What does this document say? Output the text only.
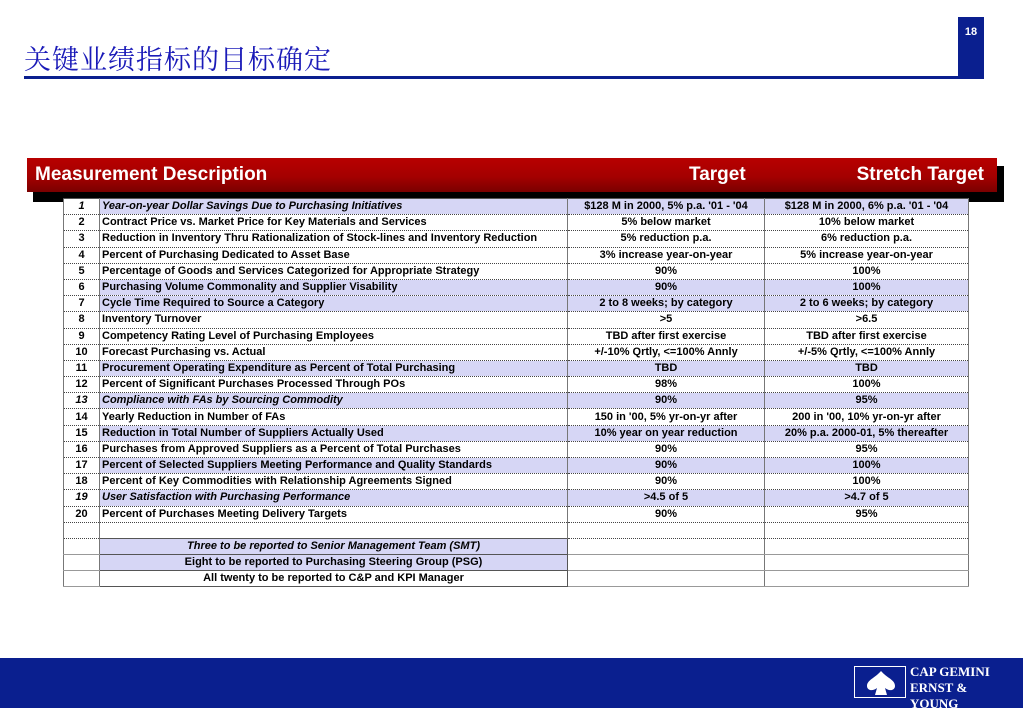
18
关键业绩指标的目标确定
Measurement Description	Target	Stretch Target
1	Year-on-year Dollar Savings Due to Purchasing Initiatives	$128 M in 2000, 5% p.a. '01 - '04	$128 M in 2000, 6% p.a. '01 - '04
2	Contract Price vs. Market Price for Key Materials and Services	5% below market	10% below market
3	Reduction in Inventory Thru Rationalization of Stock-lines and Inventory Reduction	5% reduction p.a.	6% reduction p.a.
4	Percent of Purchasing Dedicated to Asset Base	3% increase year-on-year	5% increase year-on-year
5	Percentage of Goods and Services Categorized for Appropriate Strategy	90%	100%
6	Purchasing Volume Commonality and Supplier Visability	90%	100%
7	Cycle Time Required to Source a Category	2 to 8 weeks; by category	2 to 6 weeks; by category
8	Inventory Turnover	>5	>6.5
9	Competency Rating Level of Purchasing Employees	TBD after first exercise	TBD after first exercise
10	Forecast Purchasing vs. Actual	+/-10% Qrtly, <=100% Annly	+/-5% Qrtly, <=100% Annly
11	Procurement Operating Expenditure as Percent of Total Purchasing	TBD	TBD
12	Percent of Significant Purchases Processed Through POs	98%	100%
13	Compliance with FAs by Sourcing Commodity	90%	95%
14	Yearly Reduction in Number of FAs	150 in '00, 5% yr-on-yr after	200 in '00, 10% yr-on-yr after
15	Reduction in Total Number of Suppliers Actually Used	10% year on year reduction	20% p.a. 2000-01, 5% thereafter
16	Purchases from Approved Suppliers as a Percent of Total Purchases	90%	95%
17	Percent of Selected Suppliers Meeting Performance and Quality Standards	90%	100%
18	Percent of Key Commodities with Relationship Agreements Signed	90%	100%
19	User Satisfaction with Purchasing Performance	>4.5 of 5	>4.7 of 5
20	Percent of Purchases Meeting Delivery Targets	90%	95%

	Three to be reported to Senior Management Team (SMT)		
	Eight to be reported to Purchasing Steering Group (PSG)		
	All twenty to be reported to C&P and KPI Manager		
CAP GEMINI
ERNST & YOUNG
